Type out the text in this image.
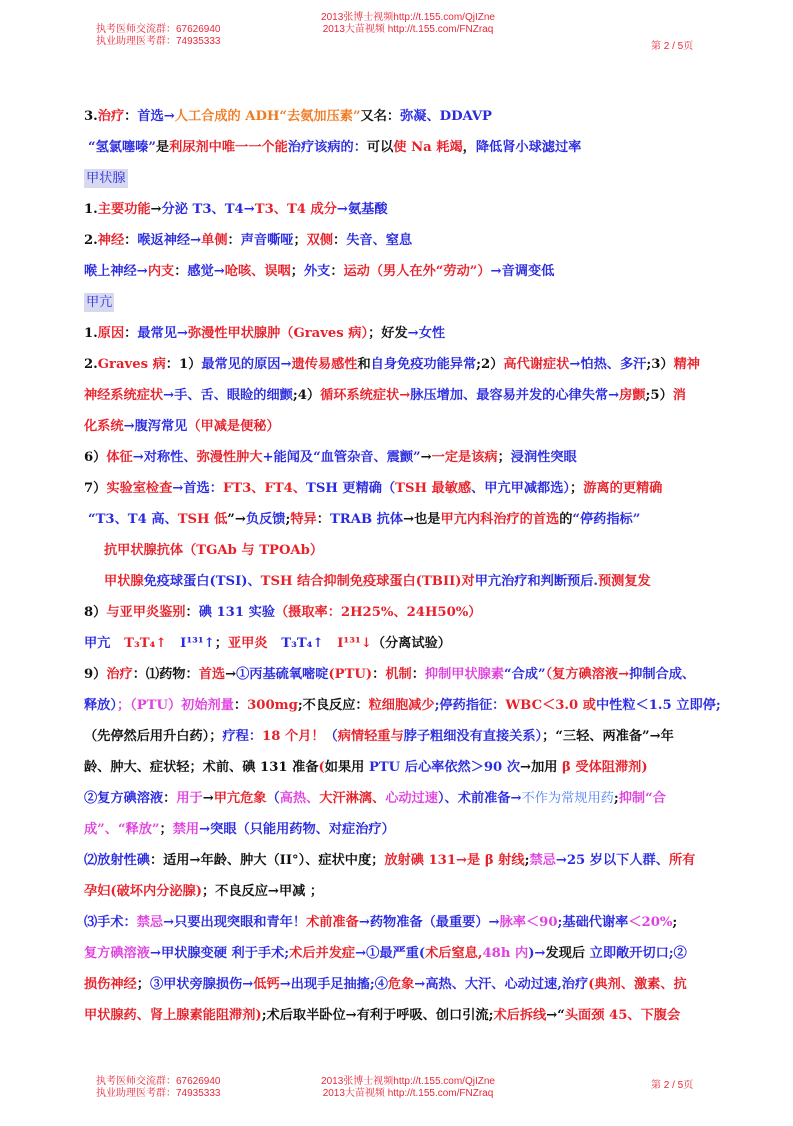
执考医师交流群：67626940
执业助理医考群：74935333
2013张博士视频http://t.155.com/QjIZne
2013大苗视频 http://t.155.com/FNZraq
第 2 / 5页
3.治疗：首选→人工合成的 ADH“去氨加压素”又名：弥凝、DDAVP
“氢氯噻嗪”是利尿剂中唯一一个能治疗该病的：可以使 Na 耗竭，降低肾小球滤过率
甲状腺
1.主要功能→分泌 T3、T4→T3、T4 成分→氨基酸
2.神经：喉返神经→单侧：声音嘶哑；双侧：失音、窒息
喉上神经→内支：感觉→呛咳、误咽；外支：运动（男人在外“劳动”）→音调变低
甲亢
1.原因：最常见→弥漫性甲状腺肿（Graves 病）；好发→女性
2.Graves 病：1）最常见的原因→遗传易感性和自身免疫功能异常;2）高代谢症状→怕热、多汗;3）精神
神经系统症状→手、舌、眼睑的细颤;4）循环系统症状→脉压增加、最容易并发的心律失常→房颤;5）消
化系统→腹泻常见（甲减是便秘）
6）体征→对称性、弥漫性肿大+能闻及“血管杂音、震颤”→一定是该病；浸润性突眼
7）实验室检查→首选：FT3、FT4、TSH 更精确（TSH 最敏感、甲亢甲减都选）；游离的更精确
“T3、T4 高、TSH 低”→负反馈;特异：TRAB 抗体→也是甲亢内科治疗的首选的“停药指标”
抗甲状腺抗体（TGAb 与 TPOAb）
甲状腺免疫球蛋白(TSI)、TSH 结合抑制免疫球蛋白(TBII)对甲亢治疗和判断预后.预测复发
8）与亚甲炎鉴别：碘 131 实验（摄取率：2H25%、24H50%）
甲亢 T₃T₄↑ I¹³¹↑；亚甲炎 T₃T₄↑ I¹³¹↓（分离试验）
9）治疗：⑴药物：首选→①丙基硫氧嘧啶(PTU)：机制：抑制甲状腺素“合成”（复方碘溶液→抑制合成、
释放）；（PTU）初始剂量：300mg;不良反应：粒细胞减少;停药指征：WBC＜3.0 或中性粒＜1.5 立即停;
（先停然后用升白药）；疗程：18 个月！（病情轻重与脖子粗细没有直接关系）；“三轻、两准备”→年
龄、肿大、症状轻；术前、碘 131 准备(如果用 PTU 后心率依然＞90 次→加用 β 受体阻滞剂)
②复方碘溶液：用于→甲亢危象（高热、大汗淋漓、心动过速）、术前准备→不作为常规用药;抑制“合
成”、“释放”；禁用→突眼（只能用药物、对症治疗）
⑵放射性碘：适用→年龄、肿大（II°）、症状中度；放射碘 131→是 β 射线;禁忌→25 岁以下人群、所有
孕妇(破坏内分泌腺)；不良反应→甲减 ；
⑶手术：禁忌→只要出现突眼和青年！术前准备→药物准备（最重要）→脉率＜90;基础代谢率＜20%;
复方碘溶液→甲状腺变硬 利于手术;术后并发症→①最严重(术后窒息,48h 内)→发现后 立即敞开切口;②
损伤神经；③甲状旁腺损伤→低钙→出现手足抽搐;④危象→高热、大汗、心动过速,治疗(典剂、激素、抗
甲状腺药、肾上腺素能阻滞剂);术后取半卧位→有利于呼吸、创口引流;术后拆线→“头面颈 45、下腹会
执考医师交流群：67626940
执业助理医考群：74935333
2013张博士视频http://t.155.com/QjIZne
2013大苗视频 http://t.155.com/FNZraq
第 2 / 5页
